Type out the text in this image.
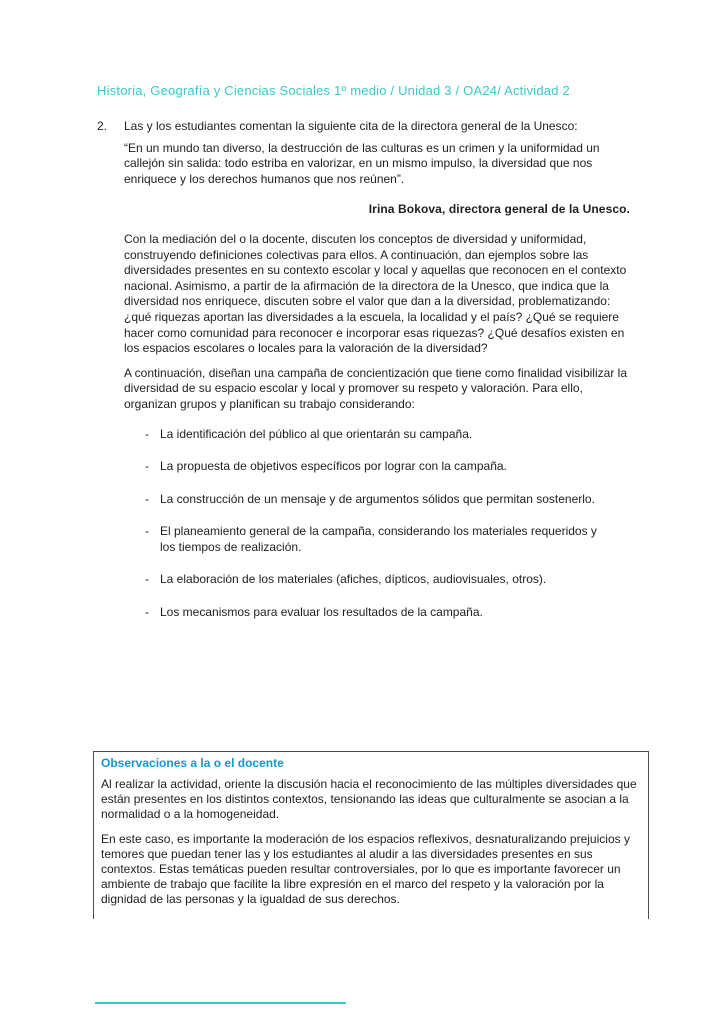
Historia, Geografía y Ciencias Sociales 1º medio / Unidad 3 / OA24/ Actividad 2
2.	Las y los estudiantes comentan la siguiente cita de la directora general de la Unesco:

“En un mundo tan diverso, la destrucción de las culturas es un crimen y la uniformidad un callejón sin salida: todo estriba en valorizar, en un mismo impulso, la diversidad que nos enriquece y los derechos humanos que nos reúnen”.

Irina Bokova, directora general de la Unesco.

Con la mediación del o la docente, discuten los conceptos de diversidad y uniformidad, construyendo definiciones colectivas para ellos. A continuación, dan ejemplos sobre las diversidades presentes en su contexto escolar y local y aquellas que reconocen en el contexto nacional. Asimismo, a partir de la afirmación de la directora de la Unesco, que indica que la diversidad nos enriquece, discuten sobre el valor que dan a la diversidad, problematizando: ¿qué riquezas aportan las diversidades a la escuela, la localidad y el país? ¿Qué se requiere hacer como comunidad para reconocer e incorporar esas riquezas? ¿Qué desafíos existen en los espacios escolares o locales para la valoración de la diversidad?

A continuación, diseñan una campaña de concientización que tiene como finalidad visibilizar la diversidad de su espacio escolar y local y promover su respeto y valoración. Para ello, organizan grupos y planifican su trabajo considerando:

- La identificación del público al que orientarán su campaña.
- La propuesta de objetivos específicos por lograr con la campaña.
- La construcción de un mensaje y de argumentos sólidos que permitan sostenerlo.
- El planeamiento general de la campaña, considerando los materiales requeridos y los tiempos de realización.
- La elaboración de los materiales (afiches, dípticos, audiovisuales, otros).
- Los mecanismos para evaluar los resultados de la campaña.
Observaciones a la o el docente

Al realizar la actividad, oriente la discusión hacia el reconocimiento de las múltiples diversidades que están presentes en los distintos contextos, tensionando las ideas que culturalmente se asocian a la normalidad o a la homogeneidad.

En este caso, es importante la moderación de los espacios reflexivos, desnaturalizando prejuicios y temores que puedan tener las y los estudiantes al aludir a las diversidades presentes en sus contextos. Estas temáticas pueden resultar controversiales, por lo que es importante favorecer un ambiente de trabajo que facilite la libre expresión en el marco del respeto y la valoración por la dignidad de las personas y la igualdad de sus derechos.
